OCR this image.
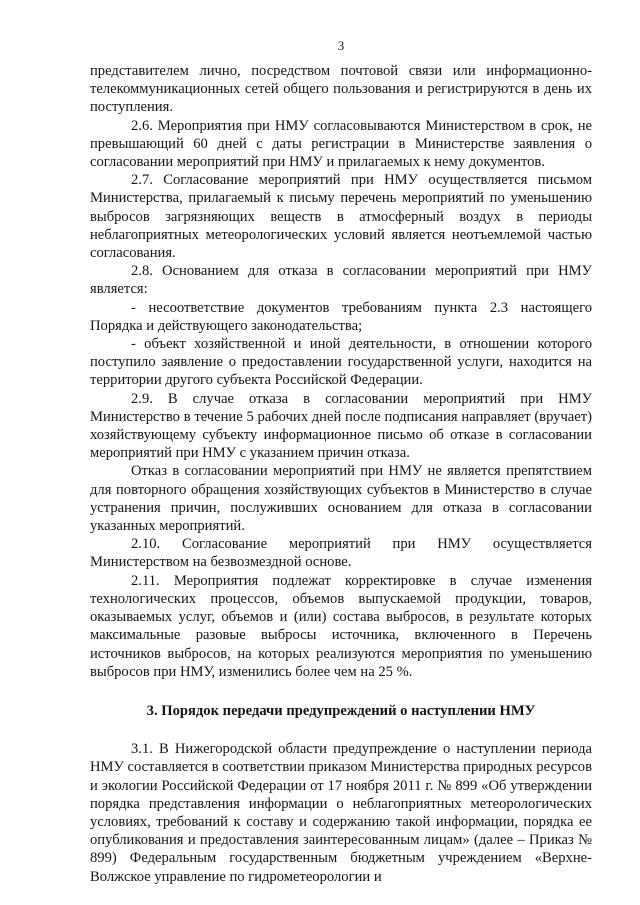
3

представителем лично, посредством почтовой связи или информационно-телекоммуникационных сетей общего пользования и регистрируются в день их поступления.

2.6. Мероприятия при НМУ согласовываются Министерством в срок, не превышающий 60 дней с даты регистрации в Министерстве заявления о согласовании мероприятий при НМУ и прилагаемых к нему документов.

2.7. Согласование мероприятий при НМУ осуществляется письмом Министерства, прилагаемый к письму перечень мероприятий по уменьшению выбросов загрязняющих веществ в атмосферный воздух в периоды неблагоприятных метеорологических условий является неотъемлемой частью согласования.

2.8. Основанием для отказа в согласовании мероприятий при НМУ является:

- несоответствие документов требованиям пункта 2.3 настоящего Порядка и действующего законодательства;

- объект хозяйственной и иной деятельности, в отношении которого поступило заявление о предоставлении государственной услуги, находится на территории другого субъекта Российской Федерации.

2.9. В случае отказа в согласовании мероприятий при НМУ Министерство в течение 5 рабочих дней после подписания направляет (вручает) хозяйствующему субъекту информационное письмо об отказе в согласовании мероприятий при НМУ с указанием причин отказа.

Отказ в согласовании мероприятий при НМУ не является препятствием для повторного обращения хозяйствующих субъектов в Министерство в случае устранения причин, послуживших основанием для отказа в согласовании указанных мероприятий.

2.10. Согласование мероприятий при НМУ осуществляется Министерством на безвозмездной основе.

2.11. Мероприятия подлежат корректировке в случае изменения технологических процессов, объемов выпускаемой продукции, товаров, оказываемых услуг, объемов и (или) состава выбросов, в результате которых максимальные разовые выбросы источника, включенного в Перечень источников выбросов, на которых реализуются мероприятия по уменьшению выбросов при НМУ, изменились более чем на 25 %.

3. Порядок передачи предупреждений о наступлении НМУ

3.1. В Нижегородской области предупреждение о наступлении периода НМУ составляется в соответствии приказом Министерства природных ресурсов и экологии Российской Федерации от 17 ноября 2011 г. № 899 «Об утверждении порядка представления информации о неблагоприятных метеорологических условиях, требований к составу и содержанию такой информации, порядка ее опубликования и предоставления заинтересованным лицам» (далее – Приказ № 899) Федеральным государственным бюджетным учреждением «Верхне-Волжское управление по гидрометеорологии и
